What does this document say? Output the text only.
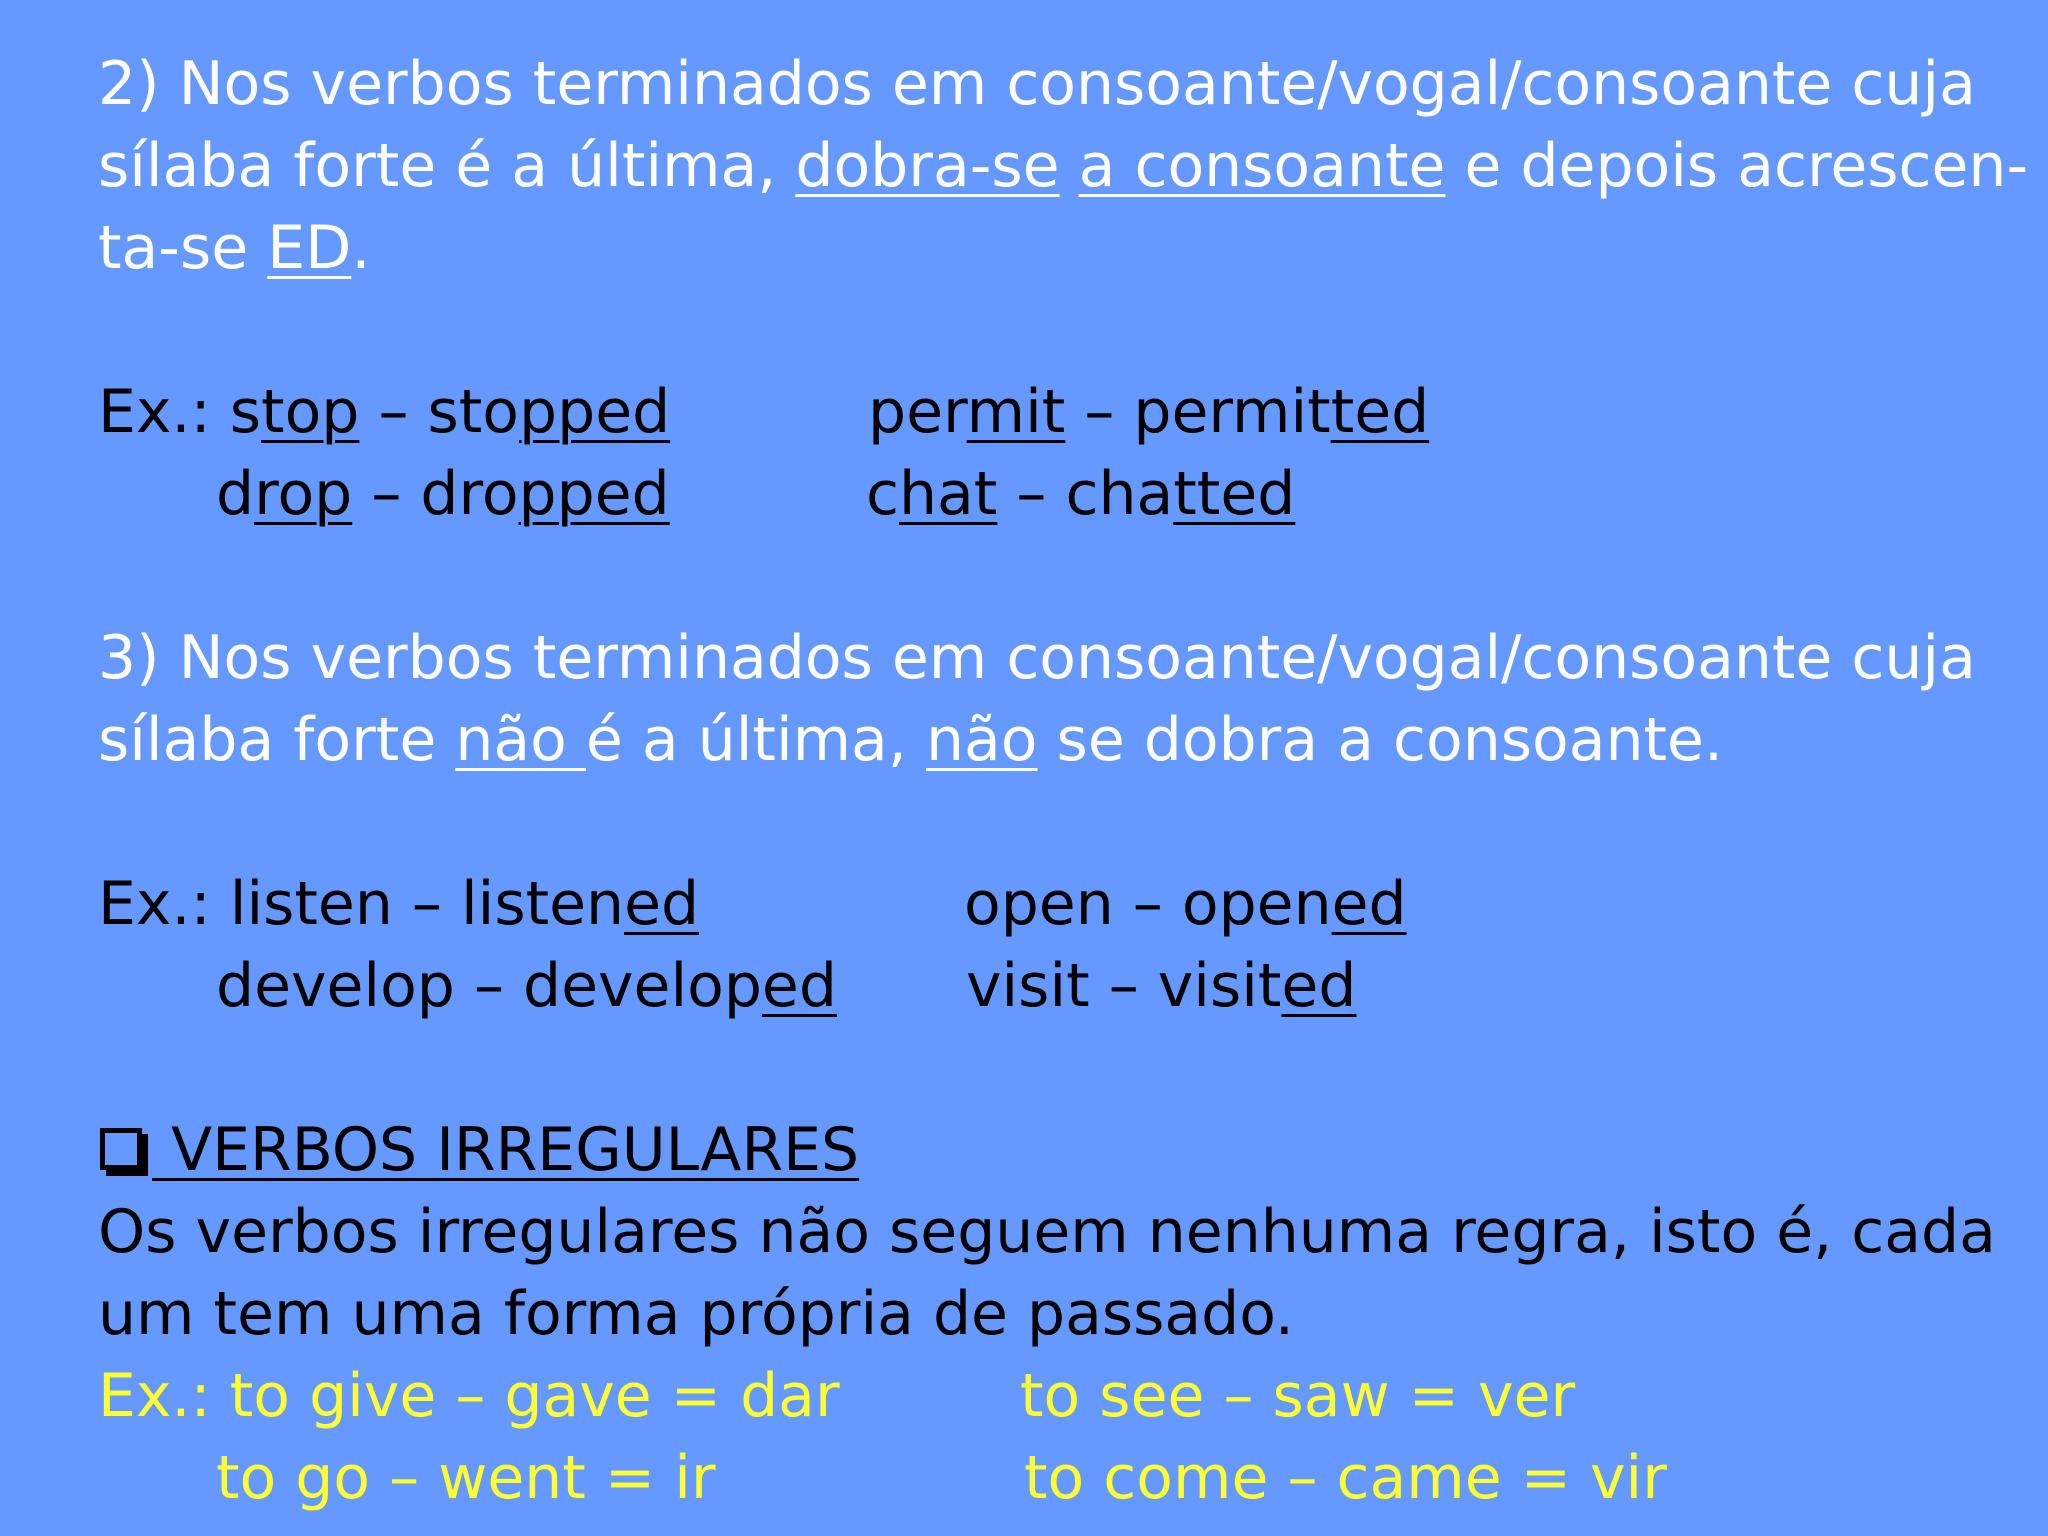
2) Nos verbos terminados em consoante/vogal/consoante cuja
sílaba forte é a última, dobra-se a consoante e depois acrescen-
ta-se ED.
Ex.: stop – stopped	permit – permitted
drop – dropped	chat – chatted
3) Nos verbos terminados em consoante/vogal/consoante cuja
sílaba forte não é a última, não se dobra a consoante.
Ex.: listen – listened	open – opened
develop – developed visit – visited
VERBOS IRREGULARES
Os verbos irregulares não seguem nenhuma regra, isto é, cada
um tem uma forma própria de passado.
Ex.: to give – gave = dar	to see – saw = ver
to go – went = ir	to come – came = vir
